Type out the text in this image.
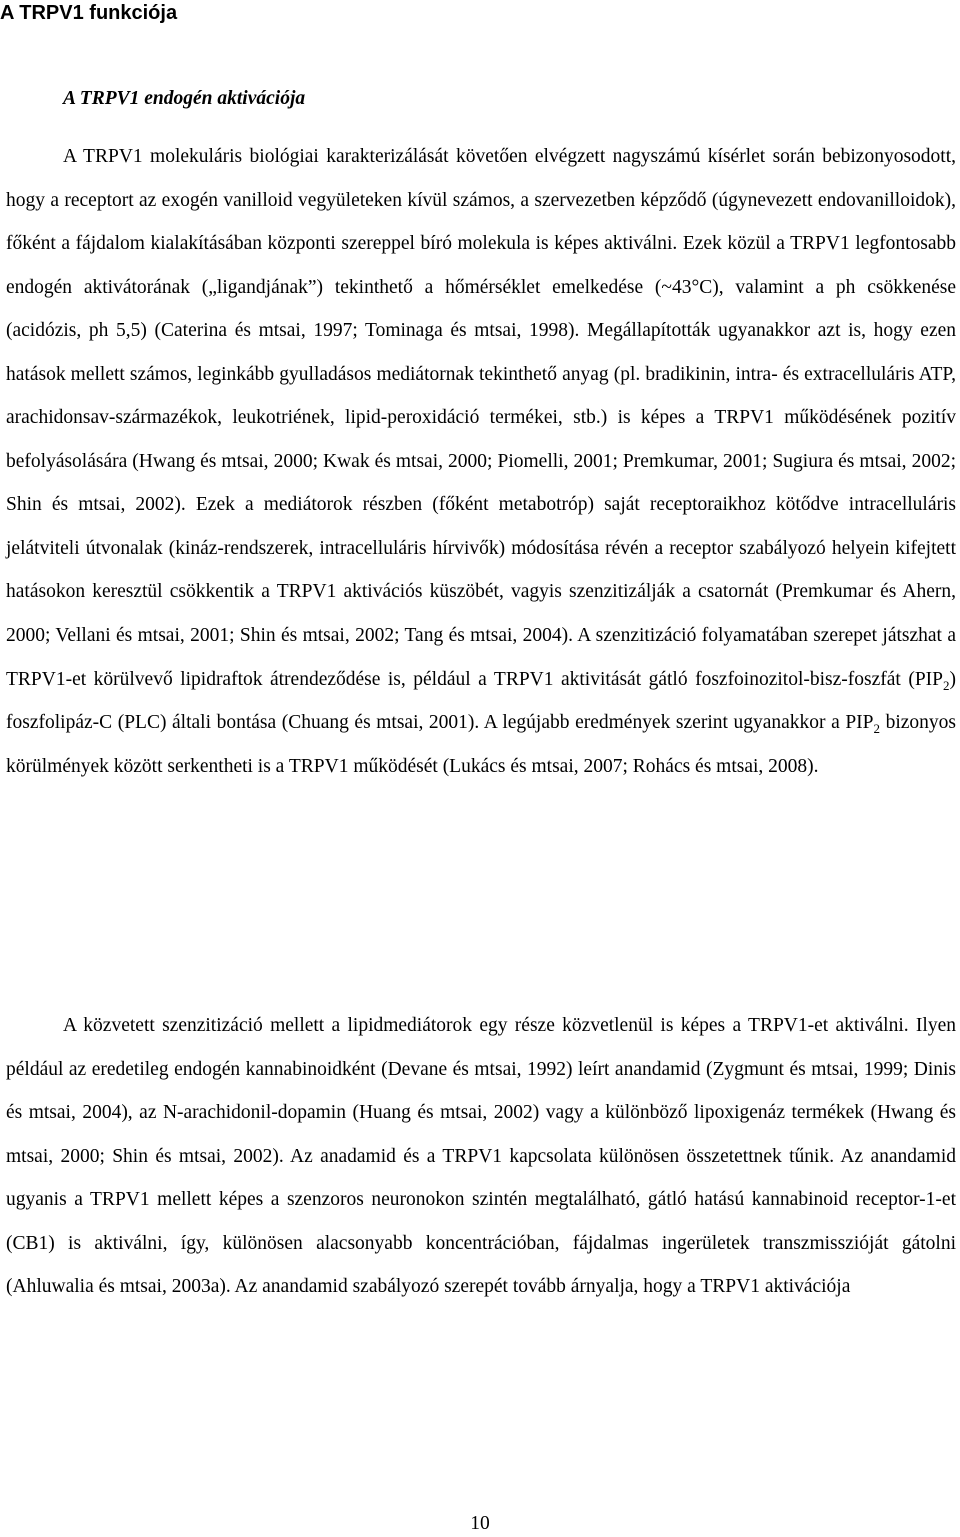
A TRPV1 funkciója
A TRPV1 endogén aktivációja

A TRPV1 molekuláris biológiai karakterizálását követően elvégzett nagyszámú kísérlet során bebizonyosodott, hogy a receptort az exogén vanilloid vegyületeken kívül számos, a szervezetben képződő (úgynevezett endovanilloidok), főként a fájdalom kialakításában központi szereppel bíró molekula is képes aktiválni. Ezek közül a TRPV1 legfontosabb endogén aktivátorának („ligandjának”) tekinthető a hőmérséklet emelkedése (~43°C), valamint a ph csökkenése (acidózis, ph 5,5) (Caterina és mtsai, 1997; Tominaga és mtsai, 1998). Megállapították ugyanakkor azt is, hogy ezen hatások mellett számos, leginkább gyulladásos mediátornak tekinthető anyag (pl. bradikinin, intra- és extracelluláris ATP, arachidonsav-származékok, leukotriének, lipid-peroxidáció termékei, stb.) is képes a TRPV1 működésének pozitív befolyásolására (Hwang és mtsai, 2000; Kwak és mtsai, 2000; Piomelli, 2001; Premkumar, 2001; Sugiura és mtsai, 2002; Shin és mtsai, 2002). Ezek a mediátorok részben (főként metabotróp) saját receptoraikhoz kötődve intracelluláris jelátviteli útvonalak (kináz-rendszerek, intracelluláris hírvivők) módosítása révén a receptor szabályozó helyein kifejtett hatásokon keresztül csökkentik a TRPV1 aktivációs küszöbét, vagyis szenzitizálják a csatornát (Premkumar és Ahern, 2000; Vellani és mtsai, 2001; Shin és mtsai, 2002; Tang és mtsai, 2004). A szenzitizáció folyamatában szerepet játszhat a TRPV1-et körülvevő lipidraftok átrendeződése is, például a TRPV1 aktivitását gátló foszfoinozitol-bisz-foszfát $(PIP_2)$ foszfolipáz-C (PLC) általi bontása (Chuang és mtsai, 2001). A legújabb eredmények szerint ugyanakkor a $PIP_2$ bizonyos körülmények között serkentheti is a TRPV1 működését (Lukács és mtsai, 2007; Rohács és mtsai, 2008).

A közvetett szenzitizáció mellett a lipidmediátorok egy része közvetlenül is képes a TRPV1-et aktiválni. Ilyen például az eredetileg endogén kannabinoidként (Devane és mtsai, 1992) leírt anandamid (Zygmunt és mtsai, 1999; Dinis és mtsai, 2004), az N-arachidonil-dopamin (Huang és mtsai, 2002) vagy a különböző lipoxigenáz termékek (Hwang és mtsai, 2000; Shin és mtsai, 2002). Az anadamid és a TRPV1 kapcsolata különösen összetettnek tűnik. Az anandamid ugyanis a TRPV1 mellett képes a szenzoros neuronokon szintén megtalálható, gátló hatású kannabinoid receptor-1-et (CB1) is aktiválni, így, különösen alacsonyabb koncentrációban, fájdalmas ingerületek transzmisszióját gátolni (Ahluwalia és mtsai, 2003a). Az anandamid szabályozó szerepét tovább árnyalja, hogy a TRPV1 aktivációja

10
